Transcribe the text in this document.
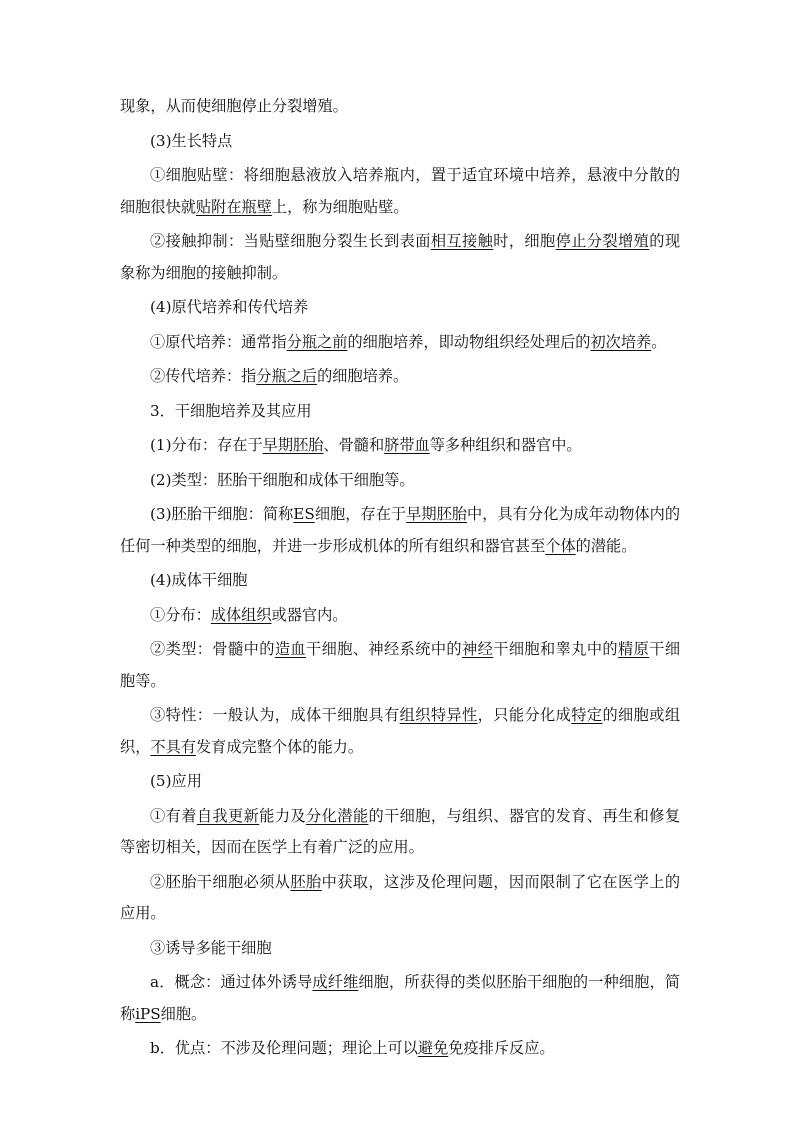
现象，从而使细胞停止分裂增殖。

(3)生长特点

①细胞贴壁：将细胞悬液放入培养瓶内，置于适宜环境中培养，悬液中分散的细胞很快就贴附在瓶壁上，称为细胞贴壁。

②接触抑制：当贴壁细胞分裂生长到表面相互接触时，细胞停止分裂增殖的现象称为细胞的接触抑制。

(4)原代培养和传代培养

①原代培养：通常指分瓶之前的细胞培养，即动物组织经处理后的初次培养。

②传代培养：指分瓶之后的细胞培养。

3．干细胞培养及其应用

(1)分布：存在于早期胚胎、骨髓和脐带血等多种组织和器官中。

(2)类型：胚胎干细胞和成体干细胞等。

(3)胚胎干细胞：简称ES细胞，存在于早期胚胎中，具有分化为成年动物体内的任何一种类型的细胞，并进一步形成机体的所有组织和器官甚至个体的潜能。

(4)成体干细胞

①分布：成体组织或器官内。

②类型：骨髓中的造血干细胞、神经系统中的神经干细胞和睾丸中的精原干细胞等。

③特性：一般认为，成体干细胞具有组织特异性，只能分化成特定的细胞或组织，不具有发育成完整个体的能力。

(5)应用

①有着自我更新能力及分化潜能的干细胞，与组织、器官的发育、再生和修复等密切相关，因而在医学上有着广泛的应用。

②胚胎干细胞必须从胚胎中获取，这涉及伦理问题，因而限制了它在医学上的应用。

③诱导多能干细胞

a．概念：通过体外诱导成纤维细胞，所获得的类似胚胎干细胞的一种细胞，简称iPS细胞。

b．优点：不涉及伦理问题；理论上可以避免免疫排斥反应。
